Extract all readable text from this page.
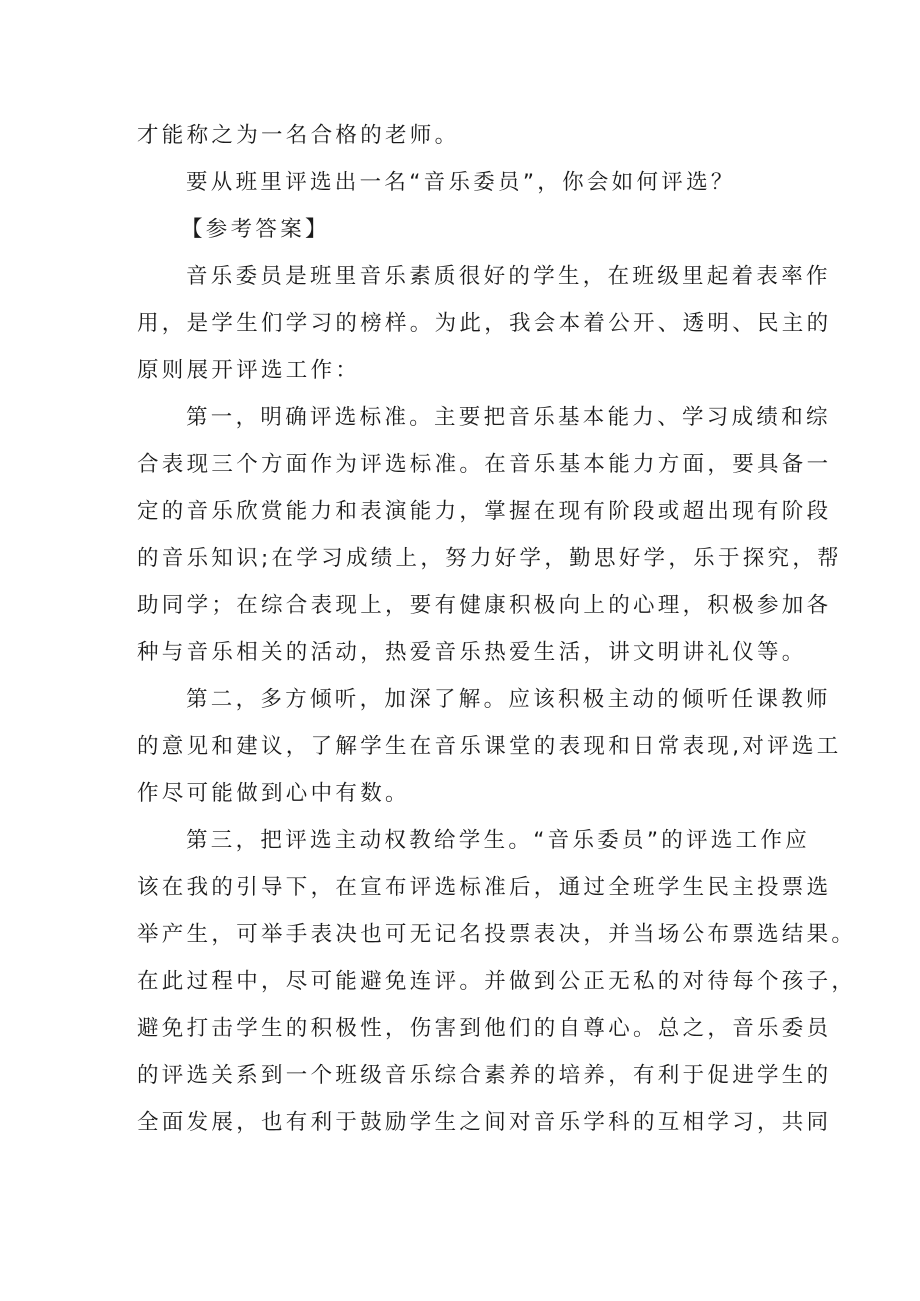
才能称之为一名合格的老师。
要从班里评选出一名“音乐委员”，你会如何评选？
【参考答案】
音乐委员是班里音乐素质很好的学生，在班级里起着表率作
用，是学生们学习的榜样。为此，我会本着公开、透明、民主的
原则展开评选工作：
第一，明确评选标准。主要把音乐基本能力、学习成绩和综
合表现三个方面作为评选标准。在音乐基本能力方面，要具备一
定的音乐欣赏能力和表演能力，掌握在现有阶段或超出现有阶段
的音乐知识;在学习成绩上，努力好学，勤思好学，乐于探究，帮
助同学；在综合表现上，要有健康积极向上的心理，积极参加各
种与音乐相关的活动，热爱音乐热爱生活，讲文明讲礼仪等。
第二，多方倾听，加深了解。应该积极主动的倾听任课教师
的意见和建议，了解学生在音乐课堂的表现和日常表现,对评选工
作尽可能做到心中有数。
第三，把评选主动权教给学生。“音乐委员”的评选工作应
该在我的引导下，在宣布评选标准后，通过全班学生民主投票选
举产生，可举手表决也可无记名投票表决，并当场公布票选结果。
在此过程中，尽可能避免连评。并做到公正无私的对待每个孩子，
避免打击学生的积极性，伤害到他们的自尊心。总之，音乐委员
的评选关系到一个班级音乐综合素养的培养，有利于促进学生的
全面发展，也有利于鼓励学生之间对音乐学科的互相学习，共同
